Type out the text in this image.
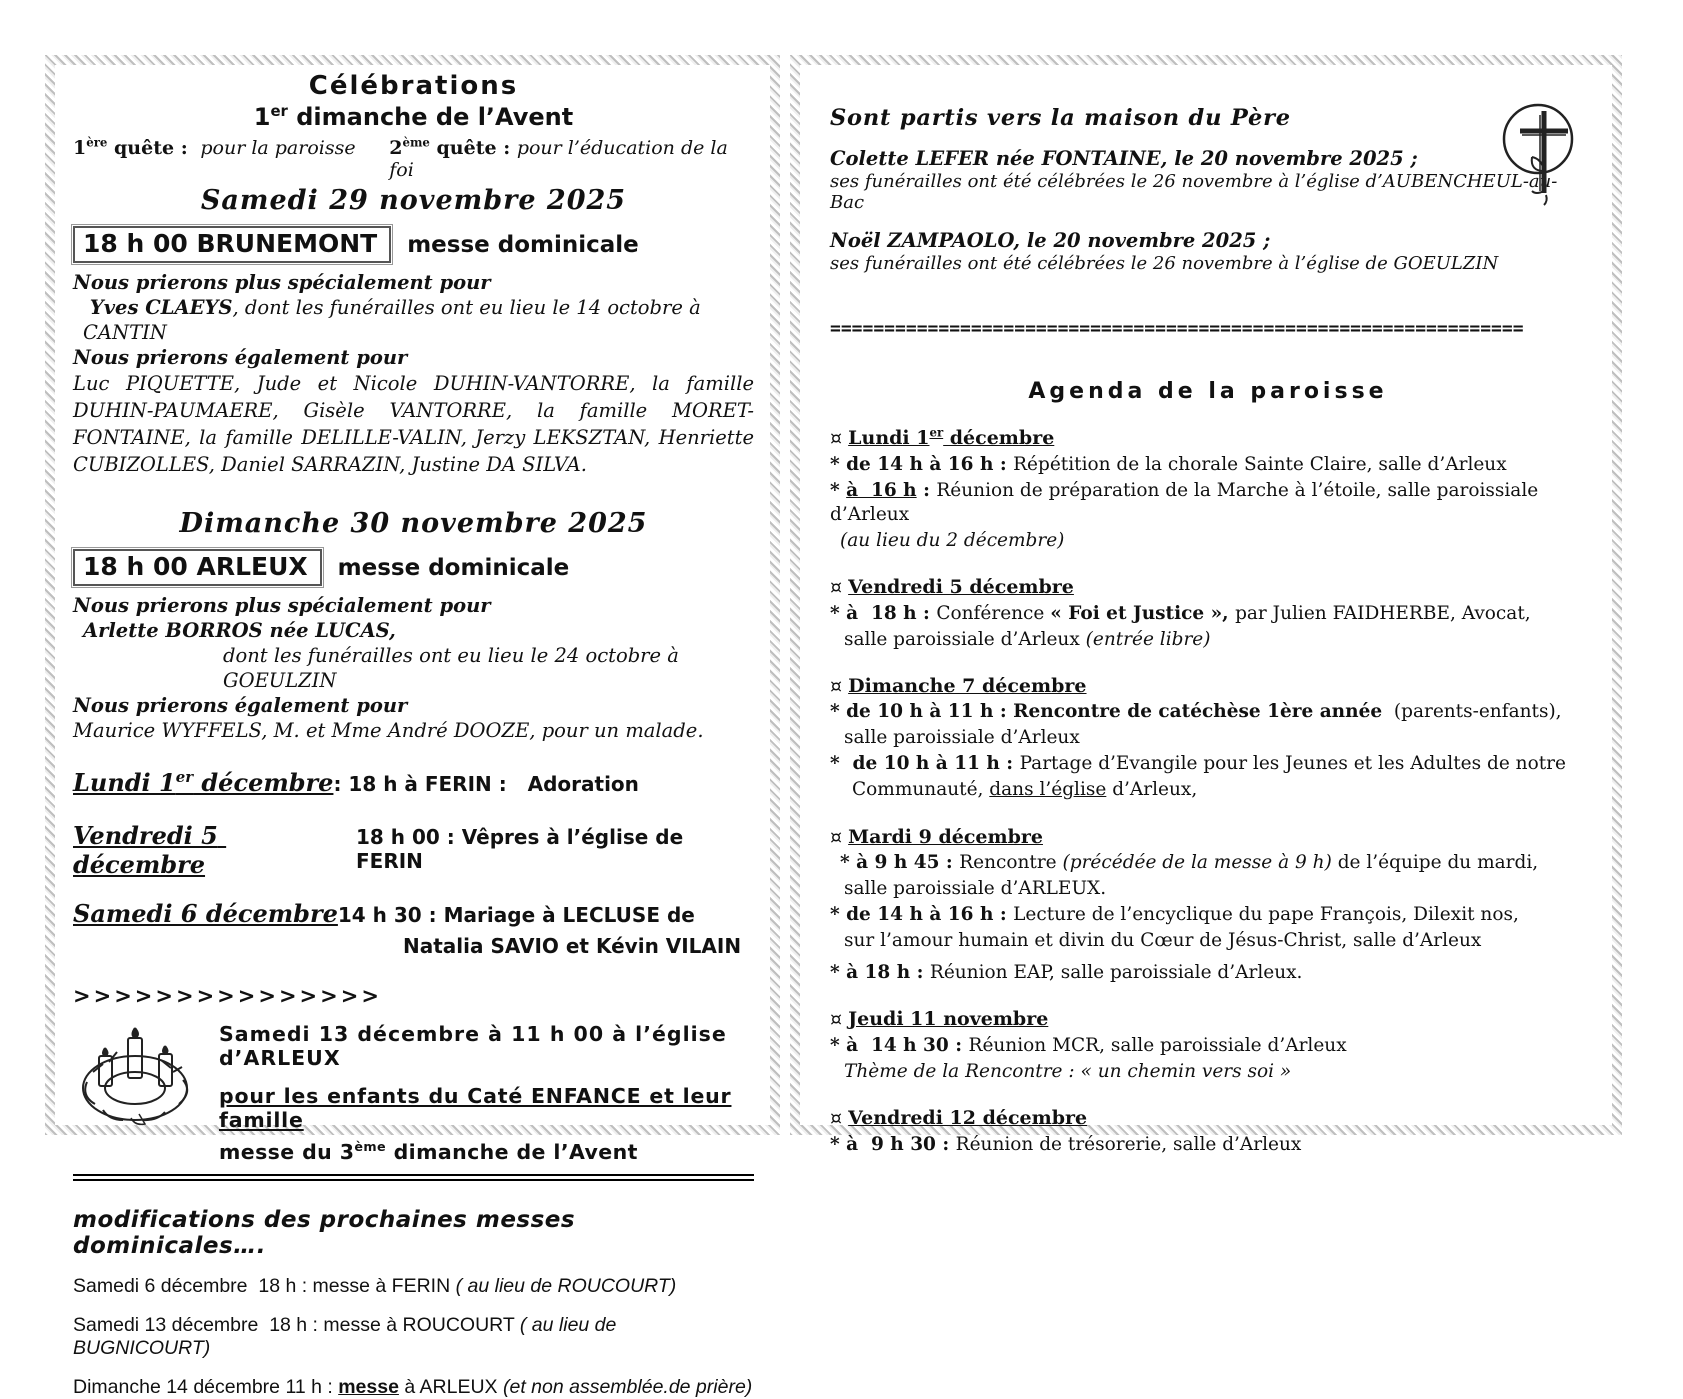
Célébrations

1er dimanche de l’Avent

1ère quête :  pour la paroisse	2ème quête : pour l’éducation de la foi

Samedi 29 novembre 2025

18 h 00 BRUNEMONT	messe dominicale

Nous prierons plus spécialement pour

Yves CLAEYS, dont les funérailles ont eu lieu le 14 octobre à CANTIN

Nous prierons également pour

Luc PIQUETTE, Jude et Nicole DUHIN-VANTORRE, la famille DUHIN-PAUMAERE, Gisèle VANTORRE, la famille MORET-FONTAINE, la famille DELILLE-VALIN, Jerzy LEKSZTAN, Henriette CUBIZOLLES, Daniel SARRAZIN, Justine DA SILVA.

Dimanche 30 novembre 2025

18 h 00 ARLEUX	messe dominicale

Nous prierons plus spécialement pour

Arlette BORROS née LUCAS,

dont les funérailles ont eu lieu le 24 octobre à GOEULZIN

Nous prierons également pour

Maurice WYFFELS, M. et Mme André DOOZE, pour un malade.

Lundi 1er décembre : 18 h à FERIN :   Adoration
Vendredi 5 décembre
18 h 00 : Vêpres à l’église de FERIN
Samedi 6 décembre 14 h 30 : Mariage à LECLUSE de

Natalia SAVIO et Kévin VILAIN

>>>>>>>>>>>>>>>

Samedi 13 décembre à 11 h 00 à l’église d’ARLEUX

pour les enfants du Caté ENFANCE et leur famille

messe du 3ème dimanche de l’Avent

modifications des prochaines messes dominicales….

Samedi 6 décembre  18 h : messe à FERIN ( au lieu de ROUCOURT)

Samedi 13 décembre  18 h : messe à ROUCOURT ( au lieu de BUGNICOURT)

Dimanche 14 décembre 11 h : messe à ARLEUX (et non assemblée.de prière)

Sont partis vers la maison du Père

Colette LEFER née FONTAINE, le 20 novembre 2025 ;

ses funérailles ont été célébrées le 26 novembre à l’église d’AUBENCHEUL-au-Bac

Noël ZAMPAOLO, le 20 novembre 2025 ;

ses funérailles ont été célébrées le 26 novembre à l’église de GOEULZIN

================================================================

Agenda de la paroisse

¤ Lundi 1er décembre

* de 14 h à 16 h : Répétition de la chorale Sainte Claire, salle d’Arleux

* à  16 h : Réunion de préparation de la Marche à l’étoile, salle paroissiale d’Arleux

(au lieu du 2 décembre)

¤ Vendredi 5 décembre

* à  18 h : Conférence « Foi et Justice », par Julien FAIDHERBE, Avocat,

salle paroissiale d’Arleux (entrée libre)

¤ Dimanche 7 décembre

* de 10 h à 11 h : Rencontre de catéchèse 1ère année  (parents-enfants),

salle paroissiale d’Arleux

*  de 10 h à 11 h : Partage d’Evangile pour les Jeunes et les Adultes de notre

Communauté, dans l’église d’Arleux,

¤ Mardi 9 décembre

* à 9 h 45 : Rencontre (précédée de la messe à 9 h) de l’équipe du mardi,

salle paroissiale d’ARLEUX.

* de 14 h à 16 h : Lecture de l’encyclique du pape François, Dilexit nos,

sur l’amour humain et divin du Cœur de Jésus-Christ, salle d’Arleux

* à 18 h : Réunion EAP, salle paroissiale d’Arleux.

¤ Jeudi 11 novembre

* à  14 h 30 : Réunion MCR, salle paroissiale d’Arleux

Thème de la Rencontre : « un chemin vers soi »

¤ Vendredi 12 décembre

* à  9 h 30 : Réunion de trésorerie, salle d’Arleux
